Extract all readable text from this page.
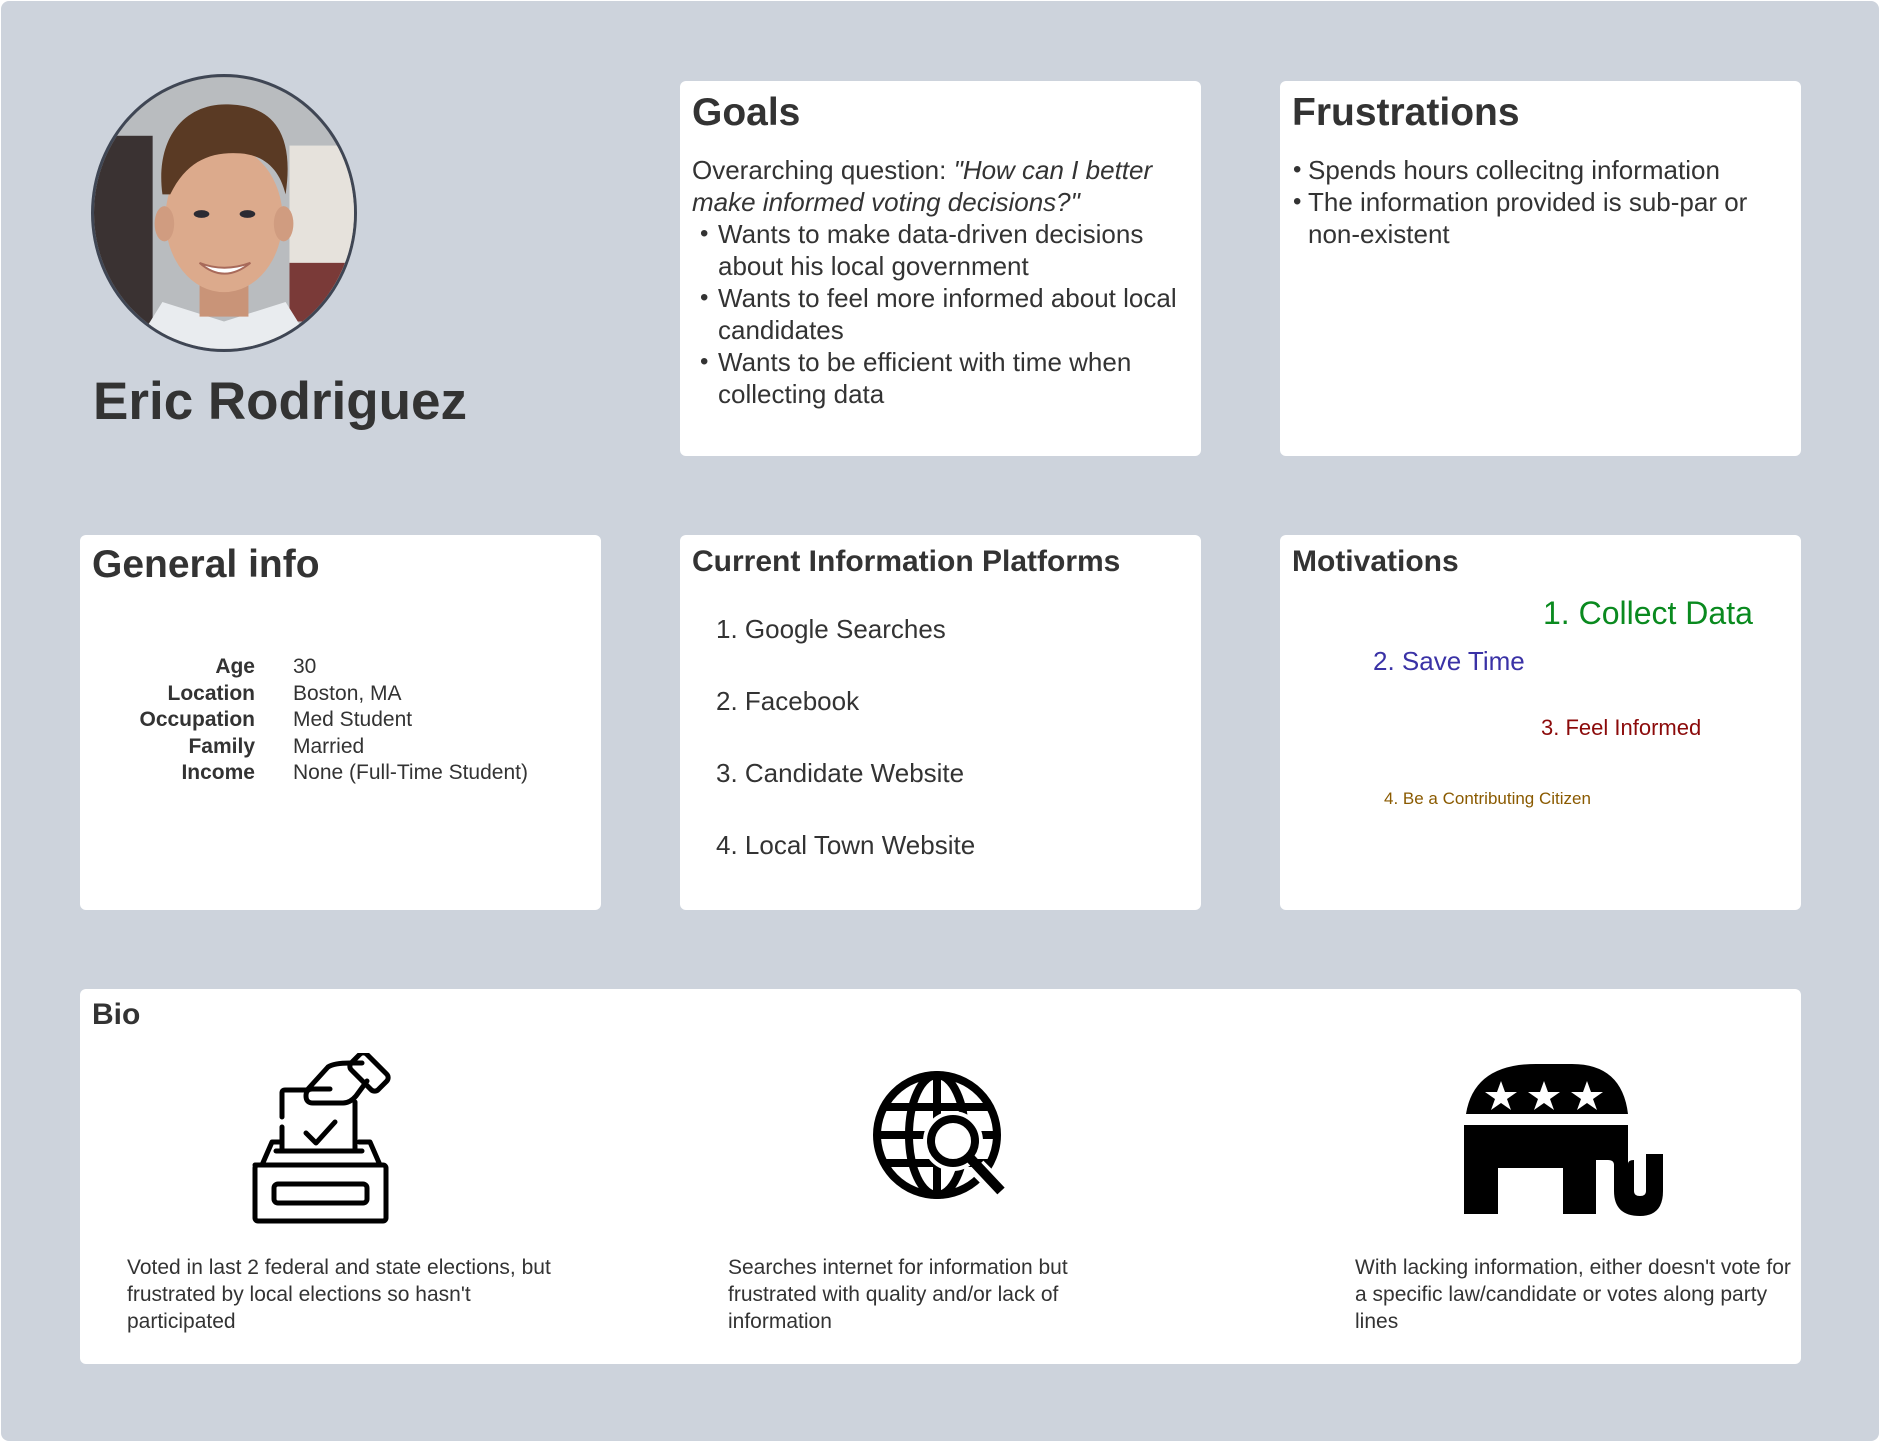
Eric Rodriguez
Goals
Overarching question: "How can I better make informed voting decisions?"
• Wants to make data-driven decisions about his local government
• Wants to feel more informed about local candidates
• Wants to be efficient with time when collecting data
Frustrations
• Spends hours collecitng information
• The information provided is sub-par or non-existent
General info
Age 30
Location Boston, MA
Occupation Med Student
Family Married
Income None (Full-Time Student)
Current Information Platforms
1. Google Searches
2. Facebook
3. Candidate Website
4. Local Town Website
Motivations
1. Collect Data
2. Save Time
3. Feel Informed
4. Be a Contributing Citizen
Bio
Voted in last 2 federal and state elections, but frustrated by local elections so hasn't participated
Searches internet for information but frustrated with quality and/or lack of information
With lacking information, either doesn't vote for a specific law/candidate or votes along party lines
